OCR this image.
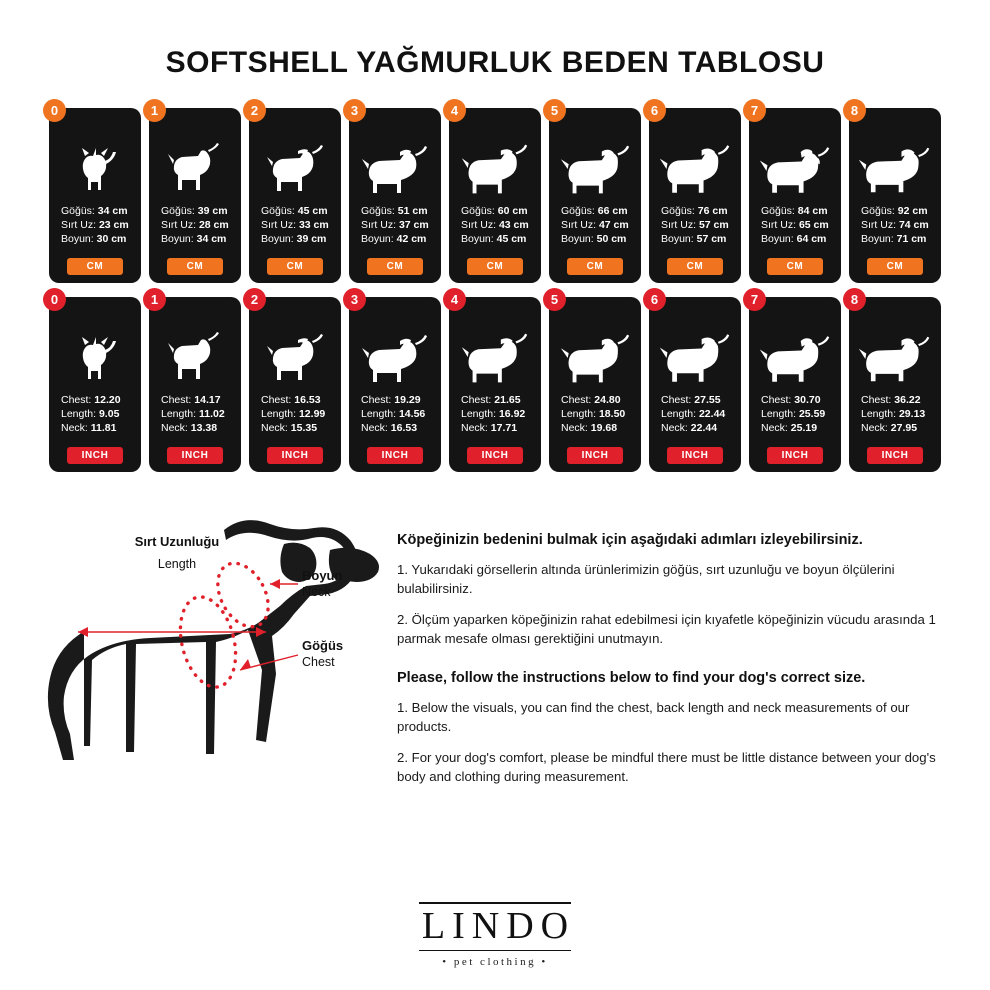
SOFTSHELL YAĞMURLUK BEDEN TABLOSU
0
Göğüs: 34 cm
Sırt Uz: 23 cm
Boyun: 30 cm
CM
1
Göğüs: 39 cm
Sırt Uz: 28 cm
Boyun: 34 cm
CM
2
Göğüs: 45 cm
Sırt Uz: 33 cm
Boyun: 39 cm
CM
3
Göğüs: 51 cm
Sırt Uz: 37 cm
Boyun: 42 cm
CM
4
Göğüs: 60 cm
Sırt Uz: 43 cm
Boyun: 45 cm
CM
5
Göğüs: 66 cm
Sırt Uz: 47 cm
Boyun: 50 cm
CM
6
Göğüs: 76 cm
Sırt Uz: 57 cm
Boyun: 57 cm
CM
7
Göğüs: 84 cm
Sırt Uz: 65 cm
Boyun: 64 cm
CM
8
Göğüs: 92 cm
Sırt Uz: 74 cm
Boyun: 71 cm
CM
0
Chest: 12.20
Length: 9.05
Neck: 11.81
INCH
1
Chest: 14.17
Length: 11.02
Neck: 13.38
INCH
2
Chest: 16.53
Length: 12.99
Neck: 15.35
INCH
3
Chest: 19.29
Length: 14.56
Neck: 16.53
INCH
4
Chest: 21.65
Length: 16.92
Neck: 17.71
INCH
5
Chest: 24.80
Length: 18.50
Neck: 19.68
INCH
6
Chest: 27.55
Length: 22.44
Neck: 22.44
INCH
7
Chest: 30.70
Length: 25.59
Neck: 25.19
INCH
8
Chest: 36.22
Length: 29.13
Neck: 27.95
INCH
Sırt Uzunluğu
Length
Boyun
Neck
Göğüs
Chest
Köpeğinizin bedenini bulmak için aşağıdaki adımları izleyebilirsiniz.

1. Yukarıdaki görsellerin altında ürünlerimizin göğüs, sırt uzunluğu ve boyun ölçülerini bulabilirsiniz.

2. Ölçüm yaparken köpeğinizin rahat edebilmesi için kıyafetle köpeğinizin vücudu arasında 1 parmak mesafe olması gerektiğini unutmayın.

Please, follow the instructions below to find your dog's correct size.

1. Below the visuals, you can find the chest, back length and neck measurements of our products.

2. For your dog's comfort, please be mindful there must be little distance between your dog's body and clothing during measurement.

LINDO
• pet clothing •
